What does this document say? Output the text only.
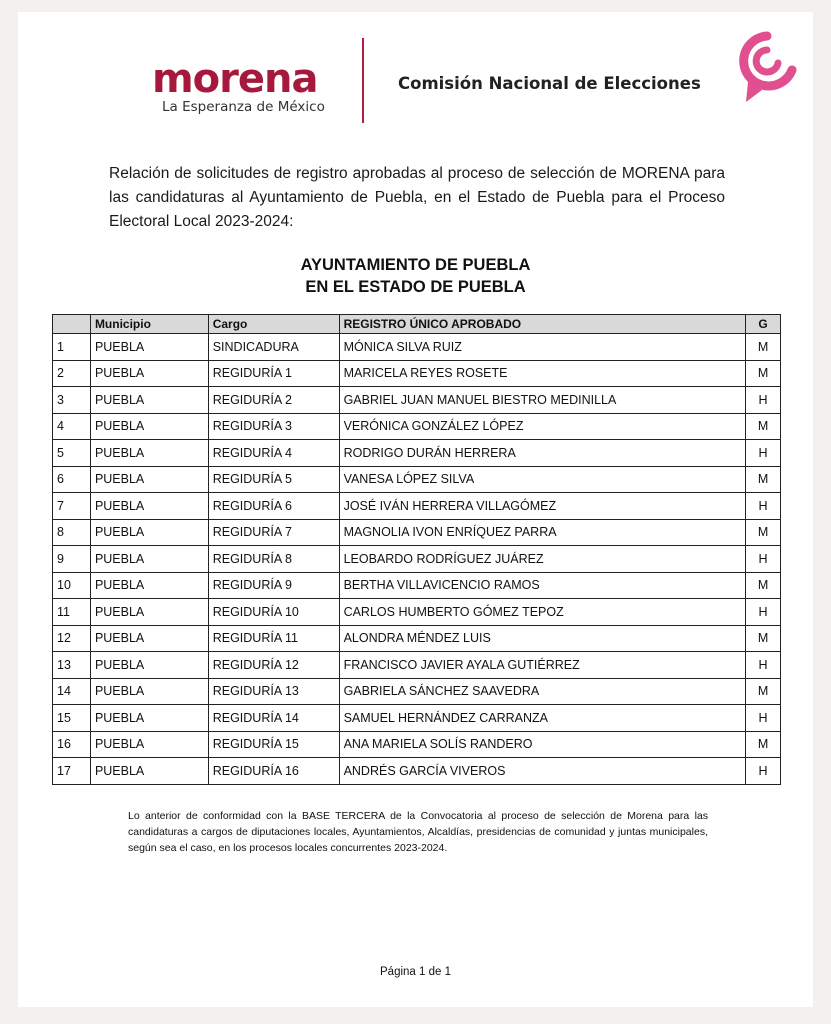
morena
La Esperanza de México
Comisión Nacional de Elecciones
Relación de solicitudes de registro aprobadas al proceso de selección de MORENA para las candidaturas al Ayuntamiento de Puebla, en el Estado de Puebla para el Proceso Electoral Local 2023-2024:
AYUNTAMIENTO DE PUEBLA
EN EL ESTADO DE PUEBLA
	Municipio	Cargo	REGISTRO ÚNICO APROBADO	G
1	PUEBLA	SINDICADURA	MÓNICA SILVA RUIZ	M
2	PUEBLA	REGIDURÍA 1	MARICELA REYES ROSETE	M
3	PUEBLA	REGIDURÍA 2	GABRIEL JUAN MANUEL BIESTRO MEDINILLA	H
4	PUEBLA	REGIDURÍA 3	VERÓNICA GONZÁLEZ LÓPEZ	M
5	PUEBLA	REGIDURÍA 4	RODRIGO DURÁN HERRERA	H
6	PUEBLA	REGIDURÍA 5	VANESA LÓPEZ SILVA	M
7	PUEBLA	REGIDURÍA 6	JOSÉ IVÁN HERRERA VILLAGÓMEZ	H
8	PUEBLA	REGIDURÍA 7	MAGNOLIA IVON ENRÍQUEZ PARRA	M
9	PUEBLA	REGIDURÍA 8	LEOBARDO RODRÍGUEZ JUÁREZ	H
10	PUEBLA	REGIDURÍA 9	BERTHA VILLAVICENCIO RAMOS	M
11	PUEBLA	REGIDURÍA 10	CARLOS HUMBERTO GÓMEZ TEPOZ	H
12	PUEBLA	REGIDURÍA 11	ALONDRA MÉNDEZ LUIS	M
13	PUEBLA	REGIDURÍA 12	FRANCISCO JAVIER AYALA GUTIÉRREZ	H
14	PUEBLA	REGIDURÍA 13	GABRIELA SÁNCHEZ SAAVEDRA	M
15	PUEBLA	REGIDURÍA 14	SAMUEL HERNÁNDEZ CARRANZA	H
16	PUEBLA	REGIDURÍA 15	ANA MARIELA SOLÍS RANDERO	M
17	PUEBLA	REGIDURÍA 16	ANDRÉS GARCÍA VIVEROS	H
Lo anterior de conformidad con la BASE TERCERA de la Convocatoria al proceso de selección de Morena para las candidaturas a cargos de diputaciones locales, Ayuntamientos, Alcaldías, presidencias de comunidad y juntas municipales, según sea el caso, en los procesos locales concurrentes 2023-2024.
Página 1 de 1
